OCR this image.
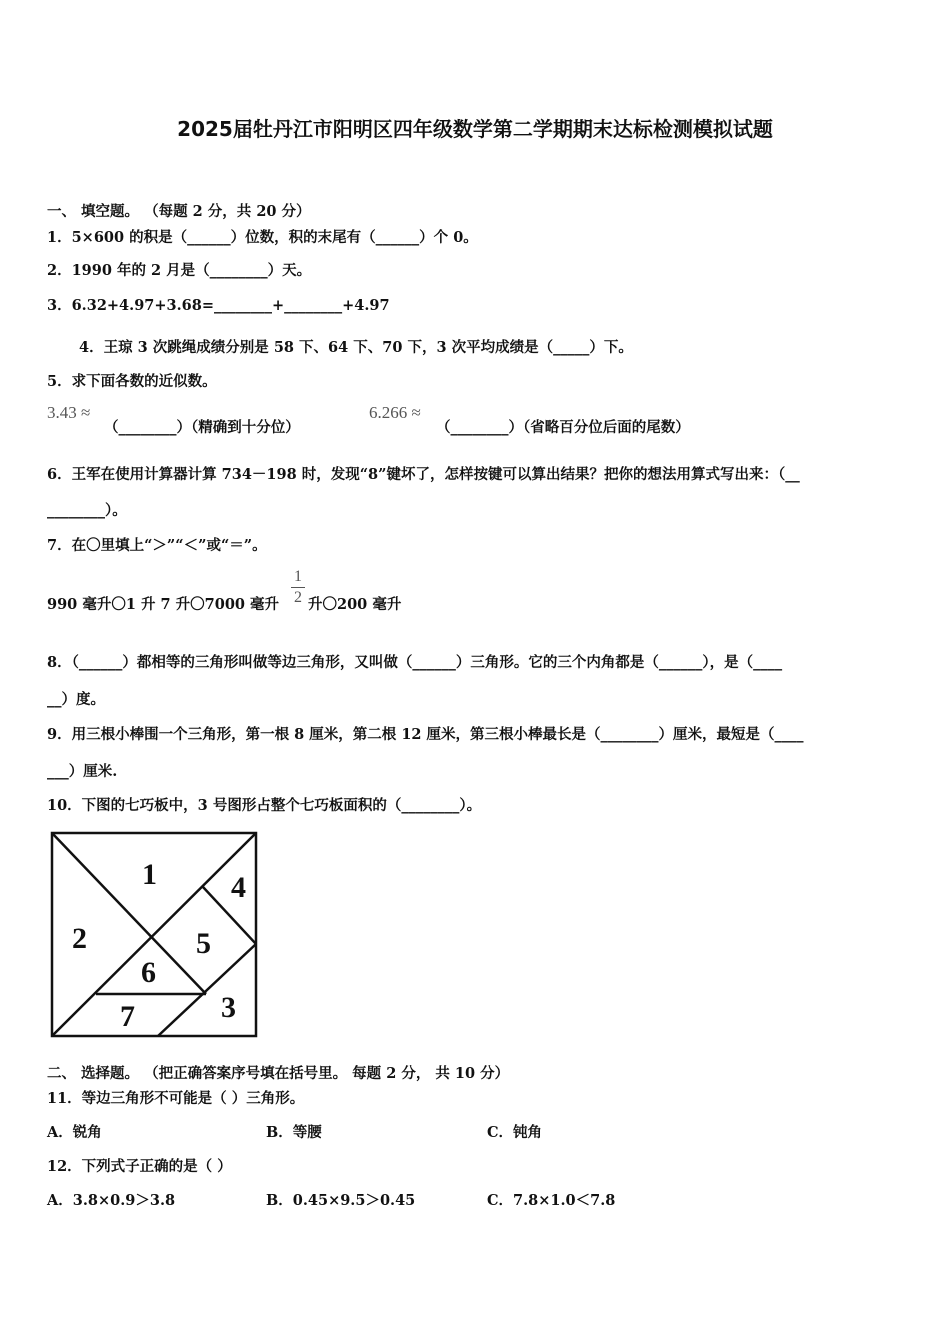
2025届牡丹江市阳明区四年级数学第二学期期末达标检测模拟试题
一、 填空题。 （每题 2 分，共 20 分）
1．5×600 的积是（______）位数，积的末尾有（______）个 0。
2．1990 年的 2 月是（________）天。
3．6.32+4.97+3.68=________+________+4.97
4．王琼 3 次跳绳成绩分别是 58 下、64 下、70 下，3 次平均成绩是（_____）下。
5．求下面各数的近似数。
3.43 ≈
（________）（精确到十分位）
6.266 ≈
（________）（省略百分位后面的尾数）
6．王军在使用计算器计算 734－198 时，发现“8”键坏了，怎样按键可以算出结果？把你的想法用算式写出来：（__
________）。
7．在〇里填上“＞”“＜”或“＝”。
990 毫升〇1 升 7 升〇7000 毫升
1
2 升〇200 毫升
8．（______）都相等的三角形叫做等边三角形，又叫做（______）三角形。它的三个内角都是（______），是（____
__）度。
9．用三根小棒围一个三角形，第一根 8 厘米，第二根 12 厘米，第三根小棒最长是（________）厘米，最短是（____
___）厘米.
10．下图的七巧板中，3 号图形占整个七巧板面积的（________）。
1
2
3
4
5
6
7
二、 选择题。 （把正确答案序号填在括号里。 每题 2 分， 共 10 分）
11．等边三角形不可能是（ ）三角形。
A．锐角	B．等腰	C．钝角
12．下列式子正确的是（ ）
A．3.8×0.9＞3.8	B．0.45×9.5＞0.45	C．7.8×1.0＜7.8
